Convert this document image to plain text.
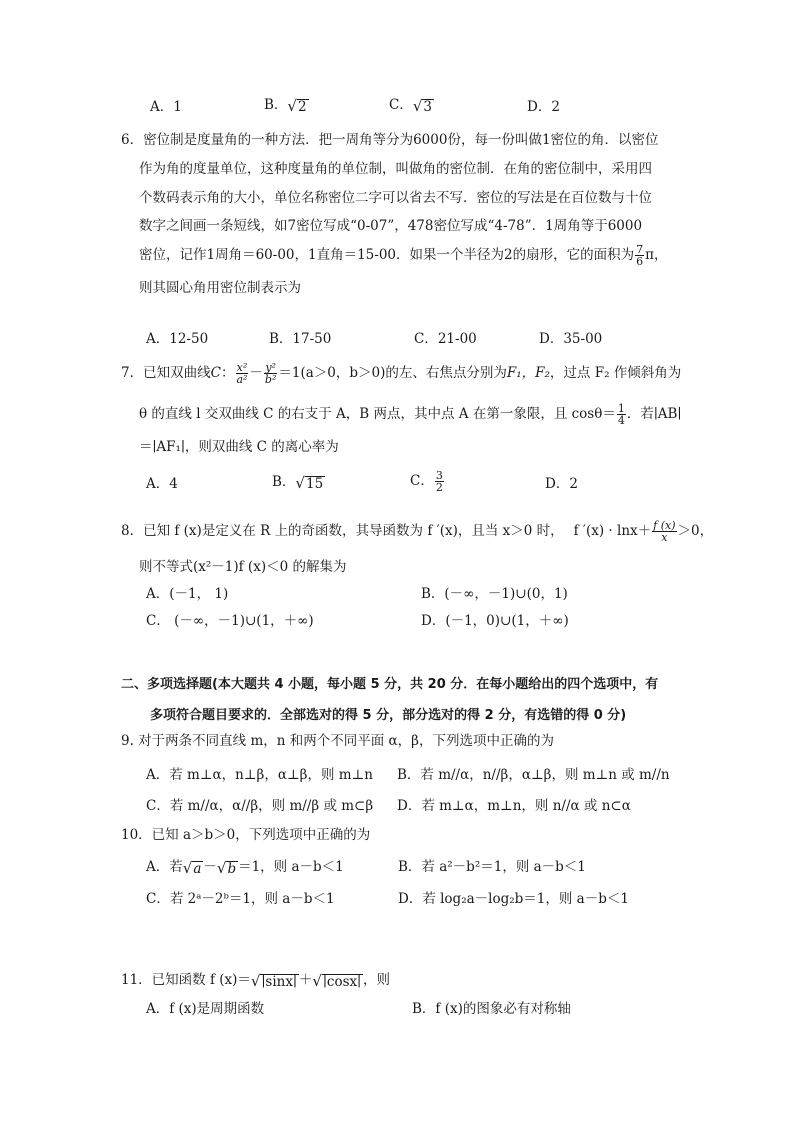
A．1	B． √ 2	C． √ 3	D．2
6．密位制是度量角的一种方法．把一周角等分为6000份，每一份叫做1密位的角．以密位
作为角的度量单位，这种度量角的单位制，叫做角的密位制．在角的密位制中，采用四
个数码表示角的大小，单位名称密位二字可以省去不写．密位的写法是在百位数与十位
数字之间画一条短线，如7密位写成“0-07”，478密位写成“4-78”．1周角等于6000
密位，记作1周角＝60-00，1直角＝15-00．如果一个半径为2的扇形，它的面积为 $\frac{7}{6}$ π，
则其圆心角用密位制表示为
A．12-50	B．17-50	C．21-00	D．35-00
7．已知双曲线C： $\frac{\text{x²}}{\text{a²}} - \frac{\text{y²}}{\text{b²}} =1(a>0$，b＞0)的左、右焦点分别为F₁，F₂，过点 F₂ 作倾斜角为
θ 的直线 l 交双曲线 C 的右支于 A，B 两点，其中点 A 在第一象限，且 $\cos\theta= \frac{1}{4}$ ．若∣AB∣
＝∣AF₁∣，则双曲线 C 的离心率为
A．4	B． √ 15	C． $\frac{3}{2}$	D．2
8．已知 f (x)是定义在 R 上的奇函数，其导函数为 f ′(x)，且当 x＞0 时， f $'(x) \cdot \ln x+ \frac{f (x)}{x} >0$，
则不等式(x²－1)f (x)＜0 的解集为
A．(－1， 1)	B．(－∞，－1)∪(0，1)
C． (－∞，－1)∪(1，＋∞)	D．(－1，0)∪(1，＋∞)
二、多项选择题(本大题共 4 小题，每小题 5 分，共 20 分．在每小题给出的四个选项中，有
多项符合题目要求的．全部选对的得 5 分，部分选对的得 2 分，有选错的得 0 分)
9. 对于两条不同直线 m，n 和两个不同平面 α，β，下列选项中正确的为
A．若 m⊥α，n⊥β，α⊥β，则 m⊥n B．若 m//α，n//β，α⊥β，则 m⊥n 或 m//n
C．若 m//α，α//β，则 m//β 或 m⊂β D．若 m⊥α，m⊥n，则 n//α 或 n⊂α
10．已知 a＞b＞0，下列选项中正确的为
A．若 √ a － √ b ＝1，则 a－b＜1	B．若 a²－b²＝1，则 a－b＜1
C．若 2ᵃ－2ᵇ＝1，则 a－b＜1	D．若 log₂a－log₂b＝1，则 a－b＜1
11．已知函数 f (x)＝ √ ∣sinx∣ ＋ √ ∣cosx∣ ，则
A．f (x)是周期函数	B．f (x)的图象必有对称轴
